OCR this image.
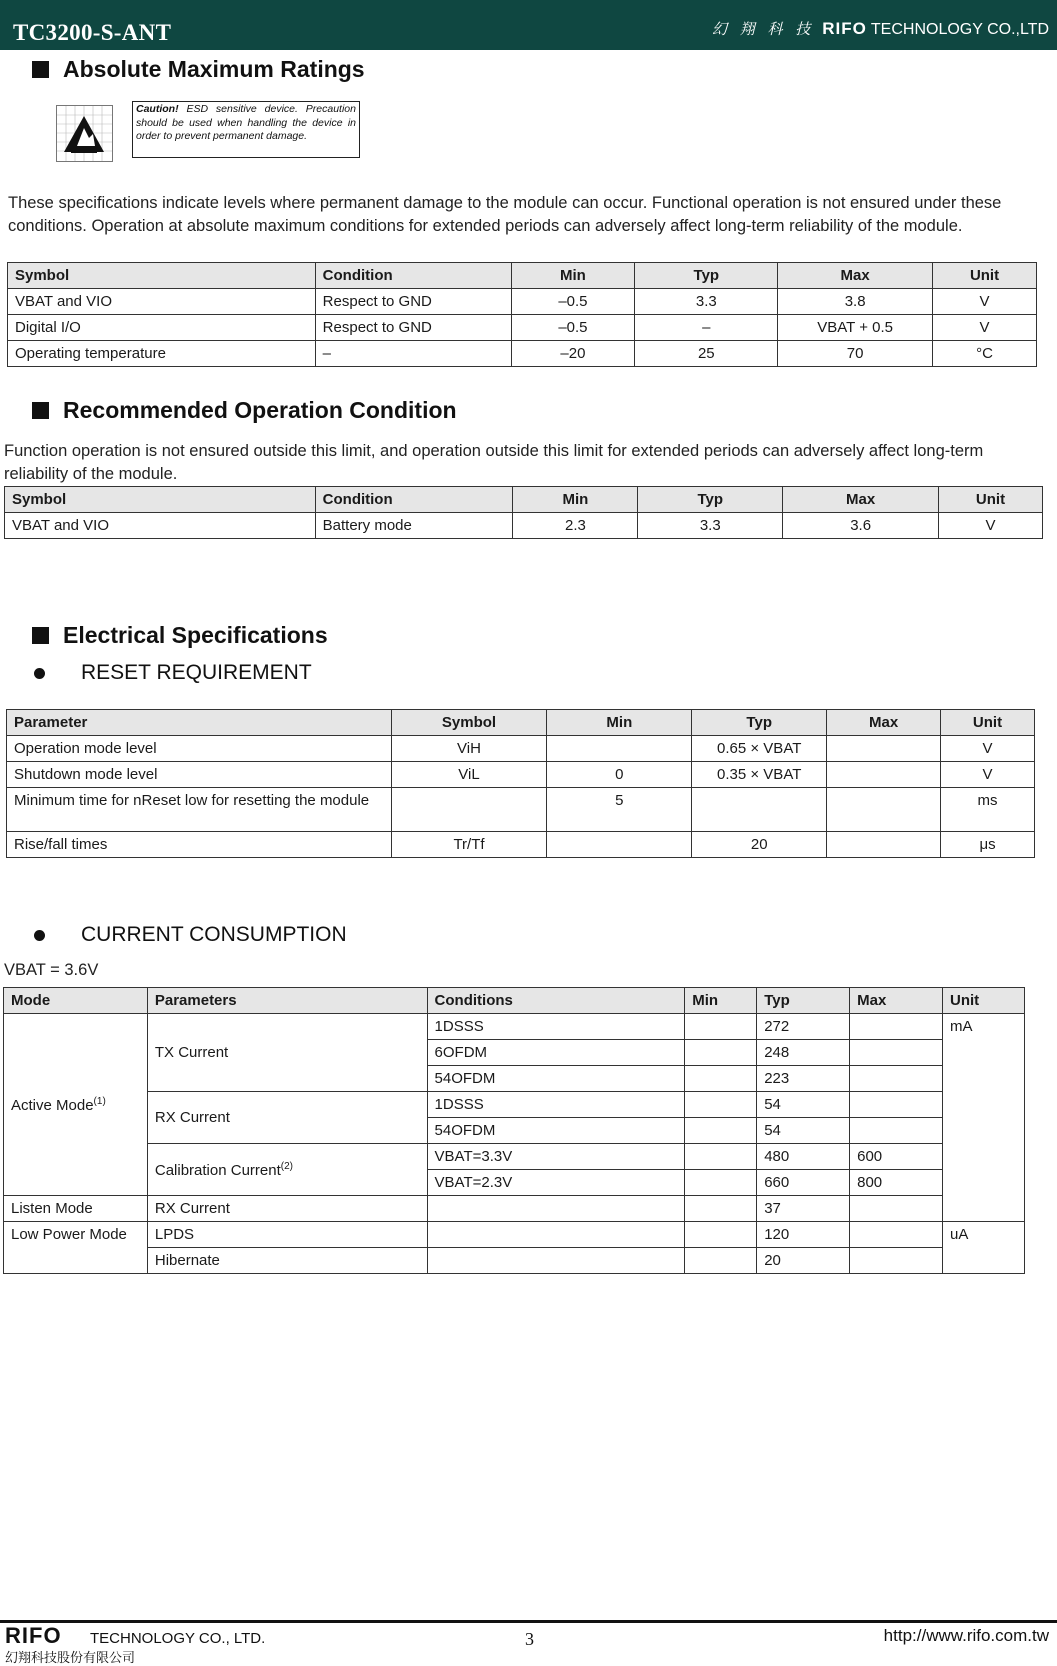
TC3200-S-ANT	幻 翔 科 技 RIFO TECHNOLOGY CO.,LTD
Absolute Maximum Ratings
Caution! ESD sensitive device. Precaution should be used when handling the device in order to prevent permanent damage.
These specifications indicate levels where permanent damage to the module can occur. Functional operation is not ensured under these conditions. Operation at absolute maximum conditions for extended periods can adversely affect long-term reliability of the module.
Symbol	Condition	Min	Typ	Max	Unit
VBAT and VIO	Respect to GND	–0.5	3.3	3.8	V
Digital I/O	Respect to GND	–0.5	–	VBAT + 0.5	V
Operating temperature	–	–20	25	70	°C
Recommended Operation Condition
Function operation is not ensured outside this limit, and operation outside this limit for extended periods can adversely affect long-term reliability of the module.
Symbol	Condition	Min	Typ	Max	Unit
VBAT and VIO	Battery mode	2.3	3.3	3.6	V
Electrical Specifications
RESET REQUIREMENT
Parameter	Symbol	Min	Typ	Max	Unit
Operation mode level	ViH		0.65 × VBAT		V
Shutdown mode level	ViL	0	0.35 × VBAT		V
Minimum time for nReset low for resetting the module		5			ms
Rise/fall times	Tr/Tf		20		μs
CURRENT CONSUMPTION
VBAT = 3.6V
Mode	Parameters	Conditions	Min	Typ	Max	Unit
Active Mode$^{(1)}$	TX Current	1DSSS		272		mA
		6OFDM		248		
		54OFDM		223		
	RX Current	1DSSS		54		
		54OFDM		54		
	Calibration Current$^{(2)}$	VBAT=3.3V		480	600	
		VBAT=2.3V		660	800	
Listen Mode	RX Current			37		
Low Power Mode	LPDS			120		uA
	Hibernate			20		
RIFO TECHNOLOGY CO., LTD.
幻翔科技股份有限公司
3	http://www.rifo.com.tw
